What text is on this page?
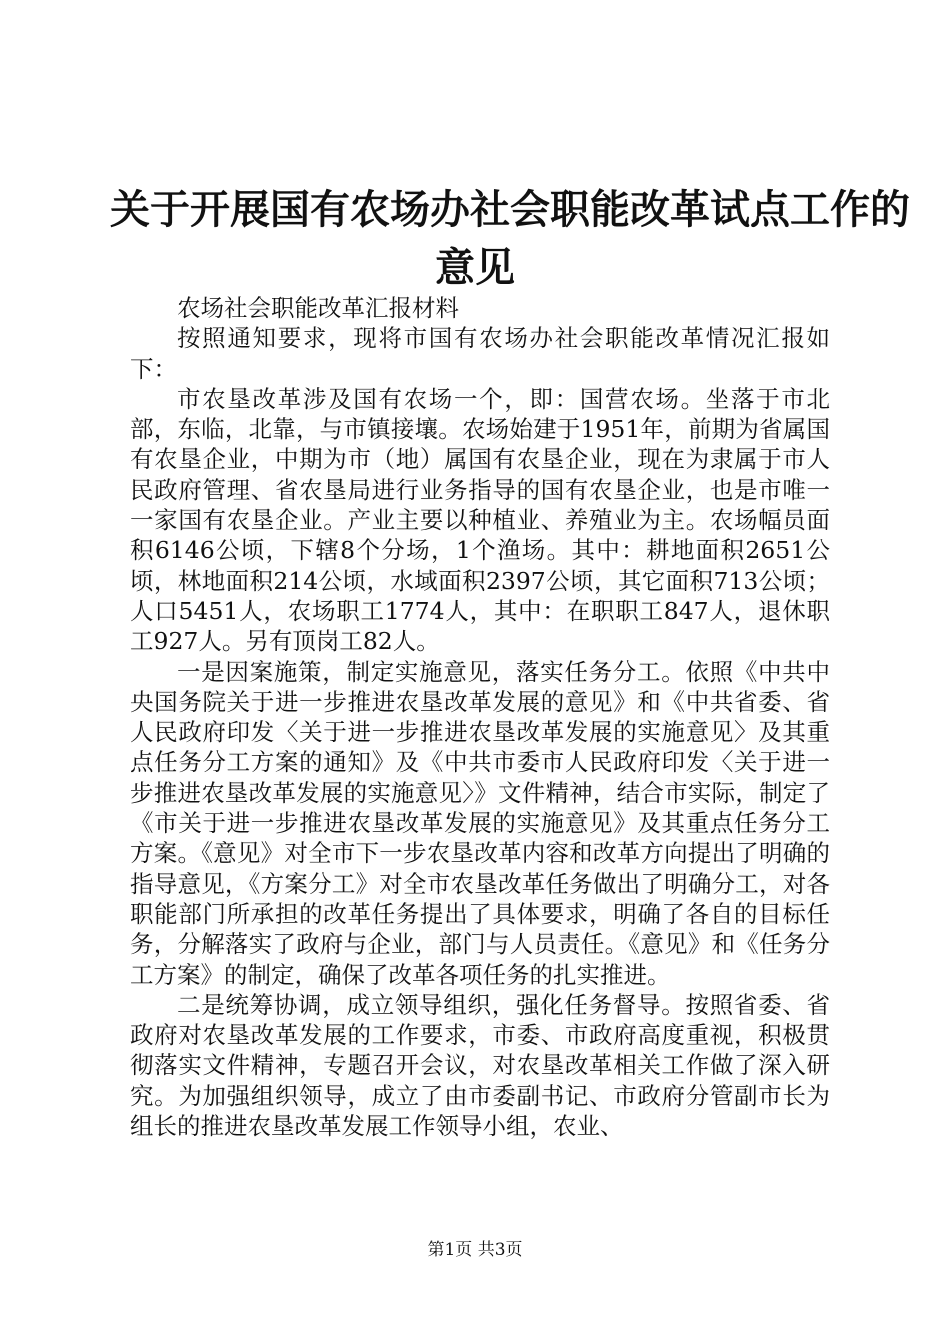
关于开展国有农场办社会职能改革试点工作的
意见

农场社会职能改革汇报材料

按照通知要求，现将市国有农场办社会职能改革情况汇报如下：

市农垦改革涉及国有农场一个，即：国营农场。坐落于市北部，东临，北靠，与市镇接壤。农场始建于1951年，前期为省属国有农垦企业，中期为市（地）属国有农垦企业，现在为隶属于市人民政府管理、省农垦局进行业务指导的国有农垦企业，也是市唯一一家国有农垦企业。产业主要以种植业、养殖业为主。农场幅员面积6146公顷，下辖8个分场，1个渔场。其中：耕地面积2651公顷，林地面积214公顷，水域面积2397公顷，其它面积713公顷；人口5451人，农场职工1774人，其中：在职职工847人，退休职工927人。另有顶岗工82人。

一是因案施策，制定实施意见，落实任务分工。依照《中共中央国务院关于进一步推进农垦改革发展的意见》和《中共省委、省人民政府印发〈关于进一步推进农垦改革发展的实施意见〉及其重点任务分工方案的通知》及《中共市委市人民政府印发〈关于进一步推进农垦改革发展的实施意见〉》文件精神，结合市实际，制定了《市关于进一步推进农垦改革发展的实施意见》及其重点任务分工方案。《意见》对全市下一步农垦改革内容和改革方向提出了明确的指导意见，《方案分工》对全市农垦改革任务做出了明确分工，对各职能部门所承担的改革任务提出了具体要求，明确了各自的目标任务，分解落实了政府与企业，部门与人员责任。《意见》和《任务分工方案》的制定，确保了改革各项任务的扎实推进。

二是统筹协调，成立领导组织，强化任务督导。按照省委、省政府对农垦改革发展的工作要求，市委、市政府高度重视，积极贯彻落实文件精神，专题召开会议，对农垦改革相关工作做了深入研究。为加强组织领导，成立了由市委副书记、市政府分管副市长为组长的推进农垦改革发展工作领导小组，农业、

第1页 共3页
